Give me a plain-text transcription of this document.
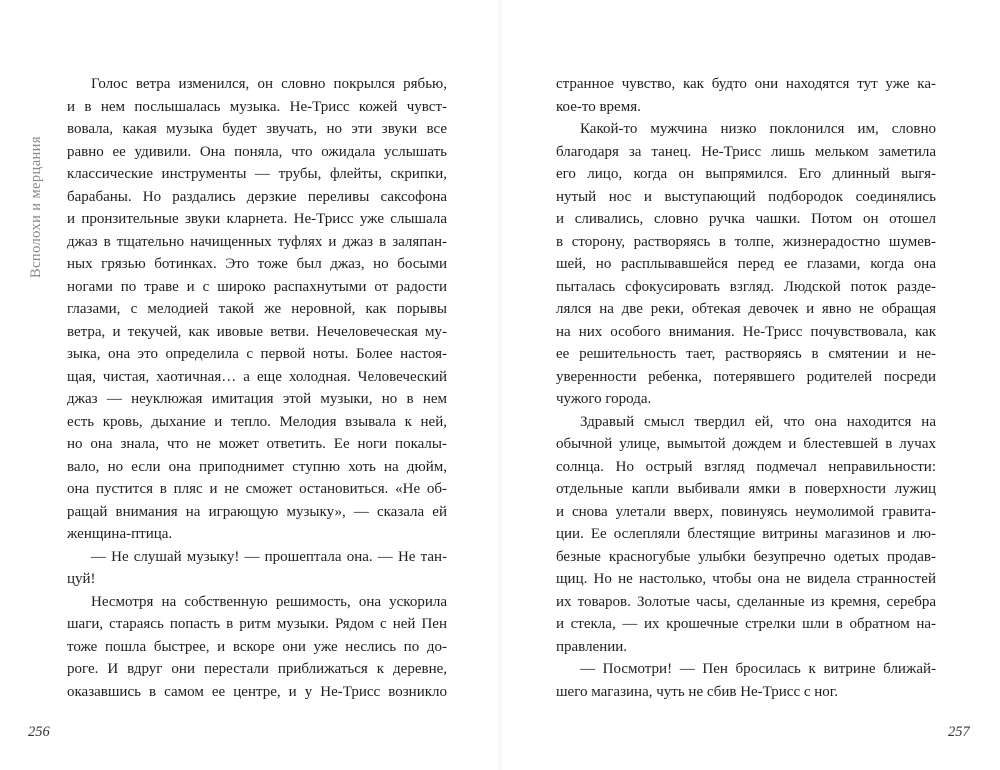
Всполохи и мерцания
Голос ветра изменился, он словно покрылся рябью,
и в нем послышалась музыка. Не-Трисс кожей чувст-
вовала, какая музыка будет звучать, но эти звуки все
равно ее удивили. Она поняла, что ожидала услышать
классические инструменты — трубы, флейты, скрипки,
барабаны. Но раздались дерзкие переливы саксофона
и пронзительные звуки кларнета. Не-Трисс уже слышала
джаз в тщательно начищенных туфлях и джаз в заляпан-
ных грязью ботинках. Это тоже был джаз, но босыми
ногами по траве и с широко распахнутыми от радости
глазами, с мелодией такой же неровной, как порывы
ветра, и текучей, как ивовые ветви. Нечеловеческая му-
зыка, она это определила с первой ноты. Более настоя-
щая, чистая, хаотичная… а еще холодная. Человеческий
джаз — неуклюжая имитация этой музыки, но в нем
есть кровь, дыхание и тепло. Мелодия взывала к ней,
но она знала, что не может ответить. Ее ноги покалы-
вало, но если она приподнимет ступню хоть на дюйм,
она пустится в пляс и не сможет остановиться. «Не об-
ращай внимания на играющую музыку», — сказала ей
женщина-птица.
— Не слушай музыку! — прошептала она. — Не тан-
цуй!
Несмотря на собственную решимость, она ускорила
шаги, стараясь попасть в ритм музыки. Рядом с ней Пен
тоже пошла быстрее, и вскоре они уже неслись по до-
роге. И вдруг они перестали приближаться к деревне,
оказавшись в самом ее центре, и у Не-Трисс возникло
странное чувство, как будто они находятся тут уже ка-
кое-то время.
Какой-то мужчина низко поклонился им, словно
благодаря за танец. Не-Трисс лишь мельком заметила
его лицо, когда он выпрямился. Его длинный выгя-
нутый нос и выступающий подбородок соединялись
и сливались, словно ручка чашки. Потом он отошел
в сторону, растворяясь в толпе, жизнерадостно шумев-
шей, но расплывавшейся перед ее глазами, когда она
пыталась сфокусировать взгляд. Людской поток разде-
лялся на две реки, обтекая девочек и явно не обращая
на них особого внимания. Не-Трисс почувствовала, как
ее решительность тает, растворяясь в смятении и не-
уверенности ребенка, потерявшего родителей посреди
чужого города.
Здравый смысл твердил ей, что она находится на
обычной улице, вымытой дождем и блестевшей в лучах
солнца. Но острый взгляд подмечал неправильности:
отдельные капли выбивали ямки в поверхности лужиц
и снова улетали вверх, повинуясь неумолимой гравита-
ции. Ее ослепляли блестящие витрины магазинов и лю-
безные красногубые улыбки безупречно одетых продав-
щиц. Но не настолько, чтобы она не видела странностей
их товаров. Золотые часы, сделанные из кремня, серебра
и стекла, — их крошечные стрелки шли в обратном на-
правлении.
— Посмотри! — Пен бросилась к витрине ближай-
шего магазина, чуть не сбив Не-Трисс с ног.
256	257
